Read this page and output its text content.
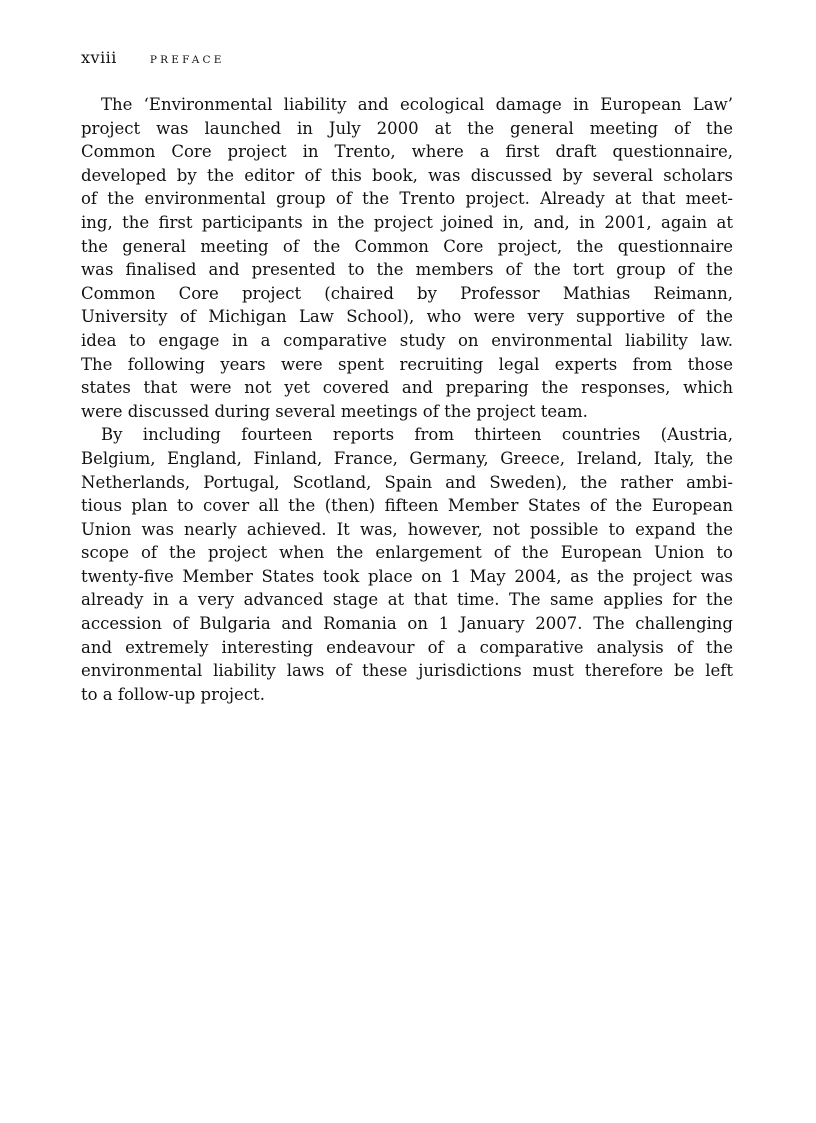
xviii	PREFACE
The ‘Environmental liability and ecological damage in European Law’
project was launched in July 2000 at the general meeting of the
Common Core project in Trento, where a first draft questionnaire,
developed by the editor of this book, was discussed by several scholars
of the environmental group of the Trento project. Already at that meet-
ing, the first participants in the project joined in, and, in 2001, again at
the general meeting of the Common Core project, the questionnaire
was finalised and presented to the members of the tort group of the
Common Core project (chaired by Professor Mathias Reimann,
University of Michigan Law School), who were very supportive of the
idea to engage in a comparative study on environmental liability law.
The following years were spent recruiting legal experts from those
states that were not yet covered and preparing the responses, which
were discussed during several meetings of the project team.
By including fourteen reports from thirteen countries (Austria,
Belgium, England, Finland, France, Germany, Greece, Ireland, Italy, the
Netherlands, Portugal, Scotland, Spain and Sweden), the rather ambi-
tious plan to cover all the (then) fifteen Member States of the European
Union was nearly achieved. It was, however, not possible to expand the
scope of the project when the enlargement of the European Union to
twenty-five Member States took place on 1 May 2004, as the project was
already in a very advanced stage at that time. The same applies for the
accession of Bulgaria and Romania on 1 January 2007. The challenging
and extremely interesting endeavour of a comparative analysis of the
environmental liability laws of these jurisdictions must therefore be left
to a follow-up project.
